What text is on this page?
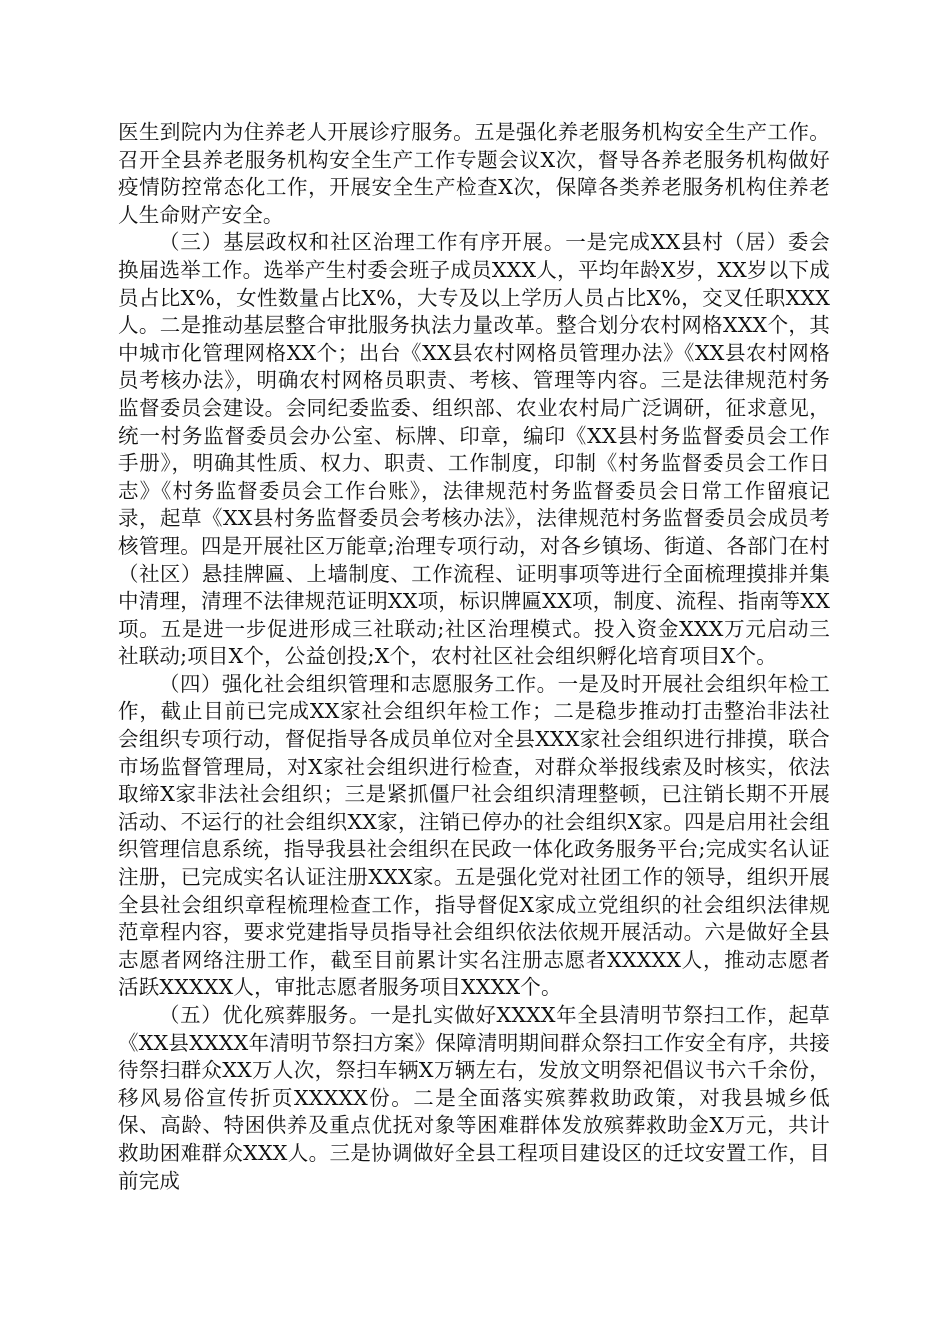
医生到院内为住养老人开展诊疗服务。五是强化养老服务机构安全生产工作。召开全县养老服务机构安全生产工作专题会议X次，督导各养老服务机构做好疫情防控常态化工作，开展安全生产检查X次，保障各类养老服务机构住养老人生命财产安全。

（三）基层政权和社区治理工作有序开展。一是完成XX县村（居）委会换届选举工作。选举产生村委会班子成员XXX人，平均年龄X岁，XX岁以下成员占比X%，女性数量占比X%，大专及以上学历人员占比X%，交叉任职XXX人。二是推动基层整合审批服务执法力量改革。整合划分农村网格XXX个，其中城市化管理网格XX个；出台《XX县农村网格员管理办法》《XX县农村网格员考核办法》，明确农村网格员职责、考核、管理等内容。三是法律规范村务监督委员会建设。会同纪委监委、组织部、农业农村局广泛调研，征求意见，统一村务监督委员会办公室、标牌、印章，编印《XX县村务监督委员会工作手册》，明确其性质、权力、职责、工作制度，印制《村务监督委员会工作日志》《村务监督委员会工作台账》，法律规范村务监督委员会日常工作留痕记录，起草《XX县村务监督委员会考核办法》，法律规范村务监督委员会成员考核管理。四是开展社区万能章;治理专项行动，对各乡镇场、街道、各部门在村（社区）悬挂牌匾、上墙制度、工作流程、证明事项等进行全面梳理摸排并集中清理，清理不法律规范证明XX项，标识牌匾XX项，制度、流程、指南等XX项。五是进一步促进形成三社联动;社区治理模式。投入资金XXX万元启动三社联动;项目X个，公益创投;X个，农村社区社会组织孵化培育项目X个。

（四）强化社会组织管理和志愿服务工作。一是及时开展社会组织年检工作，截止目前已完成XX家社会组织年检工作；二是稳步推动打击整治非法社会组织专项行动，督促指导各成员单位对全县XXX家社会组织进行排摸，联合市场监督管理局，对X家社会组织进行检查，对群众举报线索及时核实，依法取缔X家非法社会组织；三是紧抓僵尸社会组织清理整顿，已注销长期不开展活动、不运行的社会组织XX家，注销已停办的社会组织X家。四是启用社会组织管理信息系统，指导我县社会组织在民政一体化政务服务平台;完成实名认证注册，已完成实名认证注册XXX家。五是强化党对社团工作的领导，组织开展全县社会组织章程梳理检查工作，指导督促X家成立党组织的社会组织法律规范章程内容，要求党建指导员指导社会组织依法依规开展活动。六是做好全县志愿者网络注册工作，截至目前累计实名注册志愿者XXXXX人，推动志愿者活跃XXXXX人，审批志愿者服务项目XXXX个。

（五）优化殡葬服务。一是扎实做好XXXX年全县清明节祭扫工作，起草《XX县XXXX年清明节祭扫方案》保障清明期间群众祭扫工作安全有序，共接待祭扫群众XX万人次，祭扫车辆X万辆左右，发放文明祭祀倡议书六千余份，移风易俗宣传折页XXXXX份。二是全面落实殡葬救助政策，对我县城乡低保、高龄、特困供养及重点优抚对象等困难群体发放殡葬救助金X万元，共计救助困难群众XXX人。三是协调做好全县工程项目建设区的迁坟安置工作，目前完成
